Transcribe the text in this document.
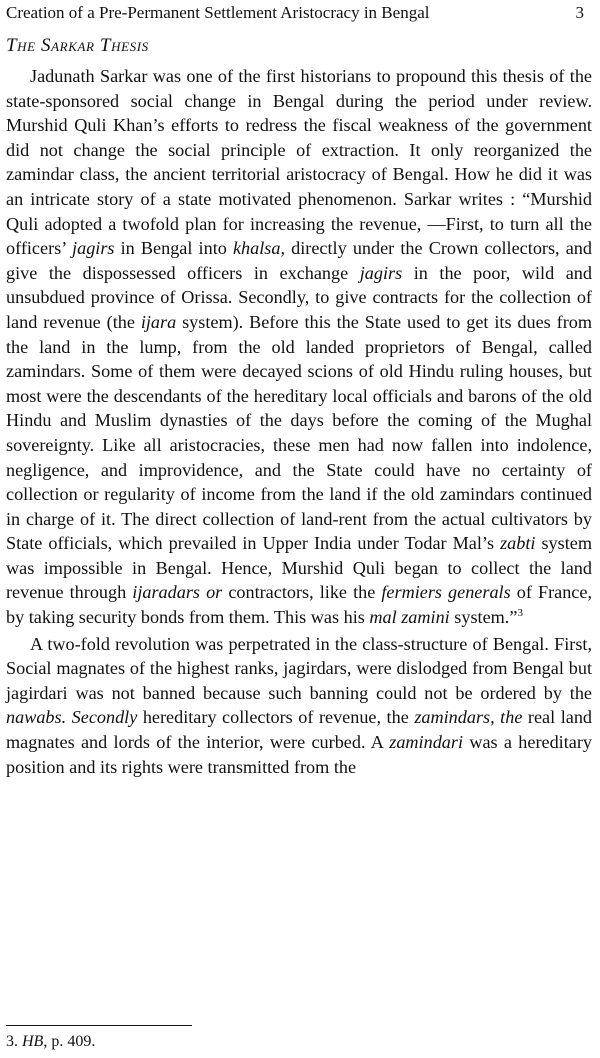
Creation of a Pre-Permanent Settlement Aristocracy in Bengal	3
The Sarkar Thesis

Jadunath Sarkar was one of the first historians to propound this thesis of the state-sponsored social change in Bengal during the period under review. Murshid Quli Khan’s efforts to redress the fiscal weakness of the government did not change the social principle of extraction. It only reorganized the zamindar class, the ancient territorial aristocracy of Bengal. How he did it was an intricate story of a state motivated phenomenon. Sarkar writes : “Murshid Quli adopted a twofold plan for increasing the revenue, —First, to turn all the officers’ jagirs in Bengal into khalsa, directly under the Crown collectors, and give the dispossessed officers in exchange jagirs in the poor, wild and unsubdued province of Orissa. Secondly, to give contracts for the collection of land revenue (the ijara system). Before this the State used to get its dues from the land in the lump, from the old landed proprietors of Bengal, called zamindars. Some of them were decayed scions of old Hindu ruling houses, but most were the descendants of the hereditary local officials and barons of the old Hindu and Muslim dynasties of the days before the coming of the Mughal sovereignty. Like all aristocracies, these men had now fallen into indolence, negligence, and improvidence, and the State could have no certainty of collection or regularity of income from the land if the old zamindars continued in charge of it. The direct collection of land-rent from the actual cultivators by State officials, which prevailed in Upper India under Todar Mal’s zabti system was impossible in Bengal. Hence, Murshid Quli began to collect the land revenue through ijaradars or contractors, like the fermiers generals of France, by taking security bonds from them. This was his mal zamini system.”$^3$

A two-fold revolution was perpetrated in the class-structure of Bengal. First, Social magnates of the highest ranks, jagirdars, were dislodged from Bengal but jagirdari was not banned because such banning could not be ordered by the nawabs. Secondly hereditary collectors of revenue, the zamindars, the real land magnates and lords of the interior, were curbed. A zamindari was a hereditary position and its rights were transmitted from the

3. HB, p. 409.
